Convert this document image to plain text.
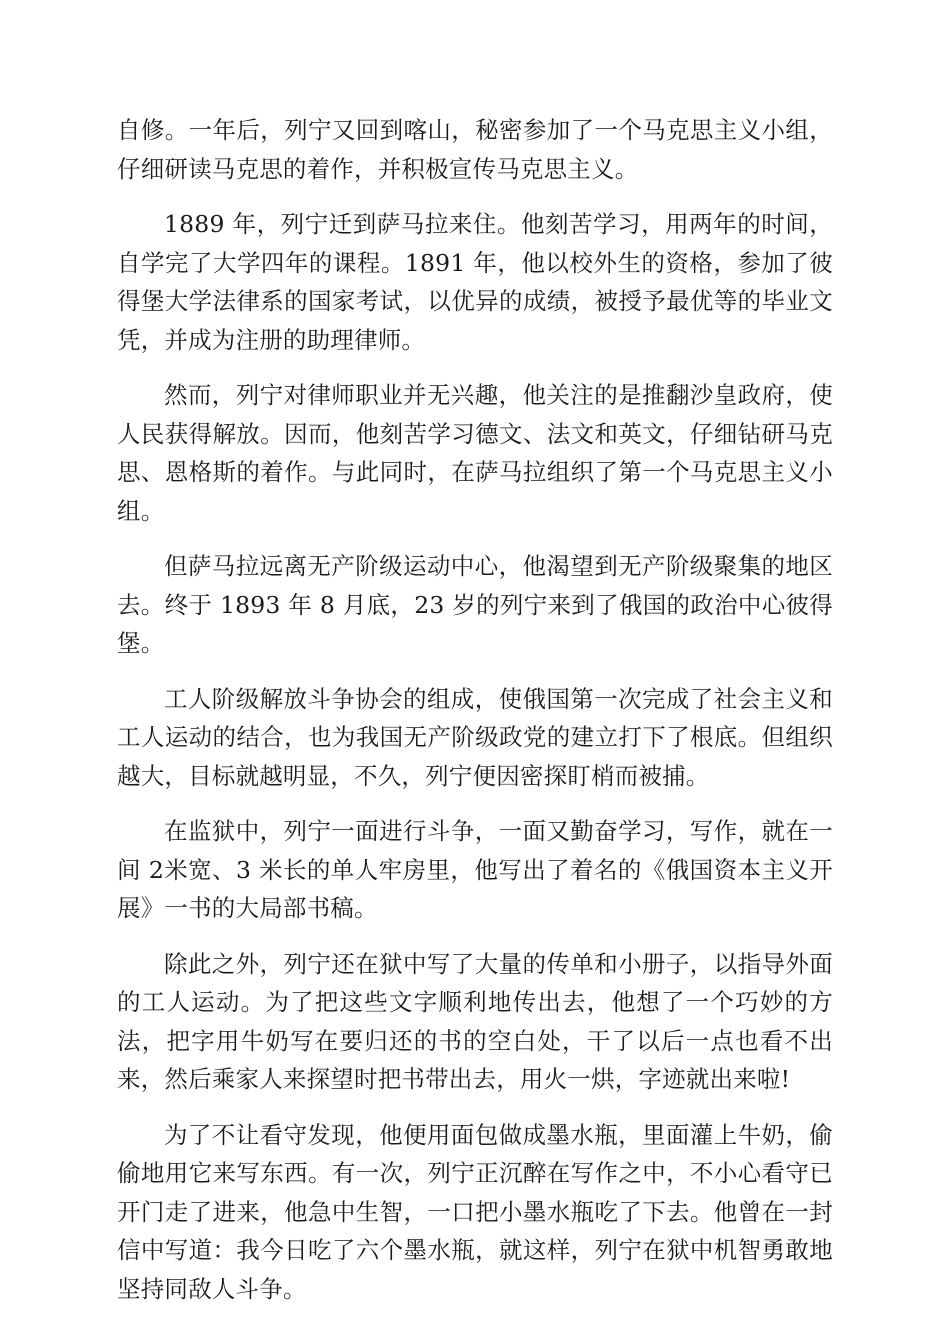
自修。一年后，列宁又回到喀山，秘密参加了一个马克思主义小组，仔细研读马克思的着作，并积极宣传马克思主义。

1889 年，列宁迁到萨马拉来住。他刻苦学习，用两年的时间，自学完了大学四年的课程。1891 年，他以校外生的资格，参加了彼得堡大学法律系的国家考试，以优异的成绩，被授予最优等的毕业文凭，并成为注册的助理律师。

然而，列宁对律师职业并无兴趣，他关注的是推翻沙皇政府，使人民获得解放。因而，他刻苦学习德文、法文和英文，仔细钻研马克思、恩格斯的着作。与此同时，在萨马拉组织了第一个马克思主义小组。

但萨马拉远离无产阶级运动中心，他渴望到无产阶级聚集的地区去。终于 1893 年 8 月底，23 岁的列宁来到了俄国的政治中心彼得堡。

工人阶级解放斗争协会的组成，使俄国第一次完成了社会主义和工人运动的结合，也为我国无产阶级政党的建立打下了根底。但组织越大，目标就越明显，不久，列宁便因密探盯梢而被捕。

在监狱中，列宁一面进行斗争，一面又勤奋学习，写作，就在一间 2米宽、3 米长的单人牢房里，他写出了着名的《俄国资本主义开展》一书的大局部书稿。

除此之外，列宁还在狱中写了大量的传单和小册子，以指导外面的工人运动。为了把这些文字顺利地传出去，他想了一个巧妙的方法，把字用牛奶写在要归还的书的空白处，干了以后一点也看不出来，然后乘家人来探望时把书带出去，用火一烘，字迹就出来啦!

为了不让看守发现，他便用面包做成墨水瓶，里面灌上牛奶，偷偷地用它来写东西。有一次，列宁正沉醉在写作之中，不小心看守已开门走了进来，他急中生智，一口把小墨水瓶吃了下去。他曾在一封信中写道：我今日吃了六个墨水瓶，就这样，列宁在狱中机智勇敢地坚持同敌人斗争。
